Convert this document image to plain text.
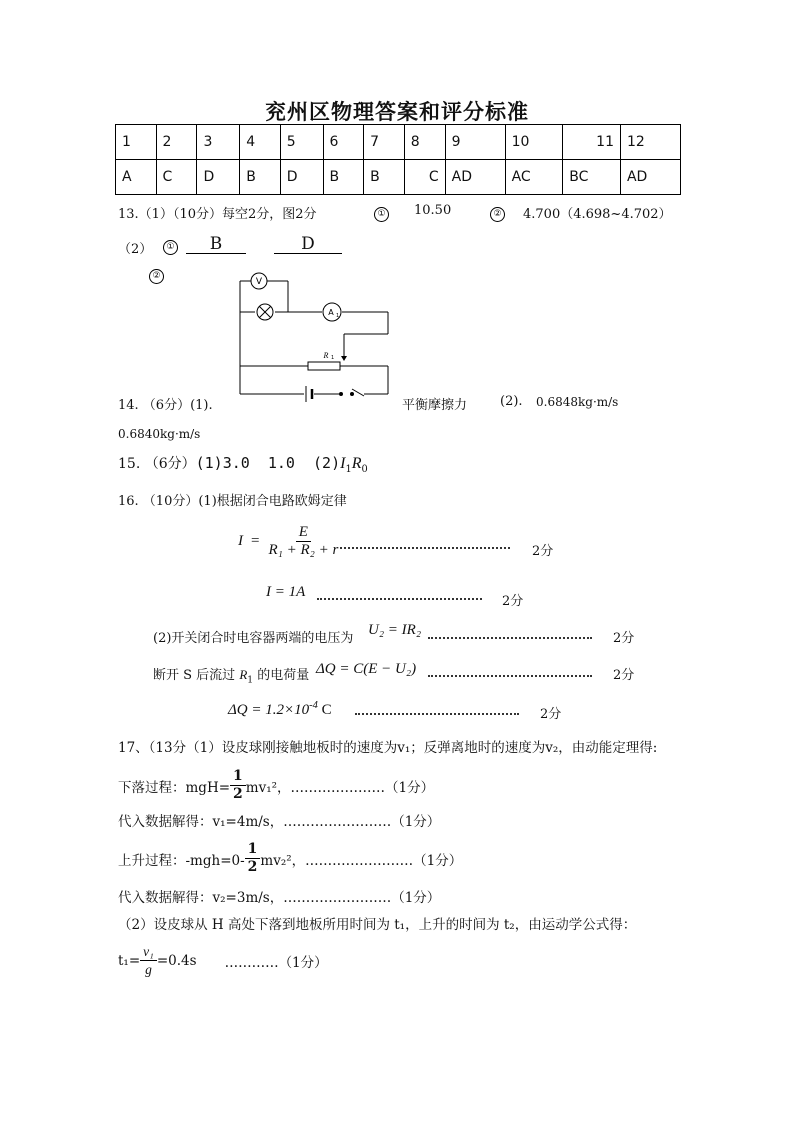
兖州区物理答案和评分标准
1	2	3	4	5	6	7	8	9	10	11	12
A	C	D	B	D	B	B	C	AD	AC	BC	AD
13.（1）（10分）每空2分，图2分	① 10.50	② 4.700（4.698~4.702）
（2）	①	B	D
②
V
A 1
R 1
14. （6分）(1).	平衡摩擦力	(2). 0.6848kg·m/s
0.6840kg·m/s
15. （6分）(1)3.0  1.0  $(2)I_1R_0$
16. （10分）(1)根据闭合电路欧姆定律
$I = \frac{E}{\text{R₁ + R₂ + r}}$	2分
I = 1A
2分
(2)开关闭合时电容器两端的电压为
U₂ = IR₂
2分
断开 S 后流过 $R_1$ 的电荷量 ΔQ = C(E − U₂)	2分
$\Delta Q = 1.2\times 10^{-4}$ C	2分
17、（13分（1）设皮球刚接触地板时的速度为v₁；反弹离地时的速度为v₂，由动能定理得:
下落过程：$mgH= \frac{1}{2} mv_1^2$，…………………（1分）
代入数据解得：v₁=4m/s，……………………（1分）
上升过程：$-mgh=0- \frac{1}{2} mv_2^2$，……………………（1分）
代入数据解得：v₂=3m/s，……………………（1分）
（2）设皮球从 H 高处下落到地板所用时间为 t₁，上升的时间为 t₂，由运动学公式得：
$t_1= \frac{\text{v₁}}{g} =0.4s$ …………（1分）
